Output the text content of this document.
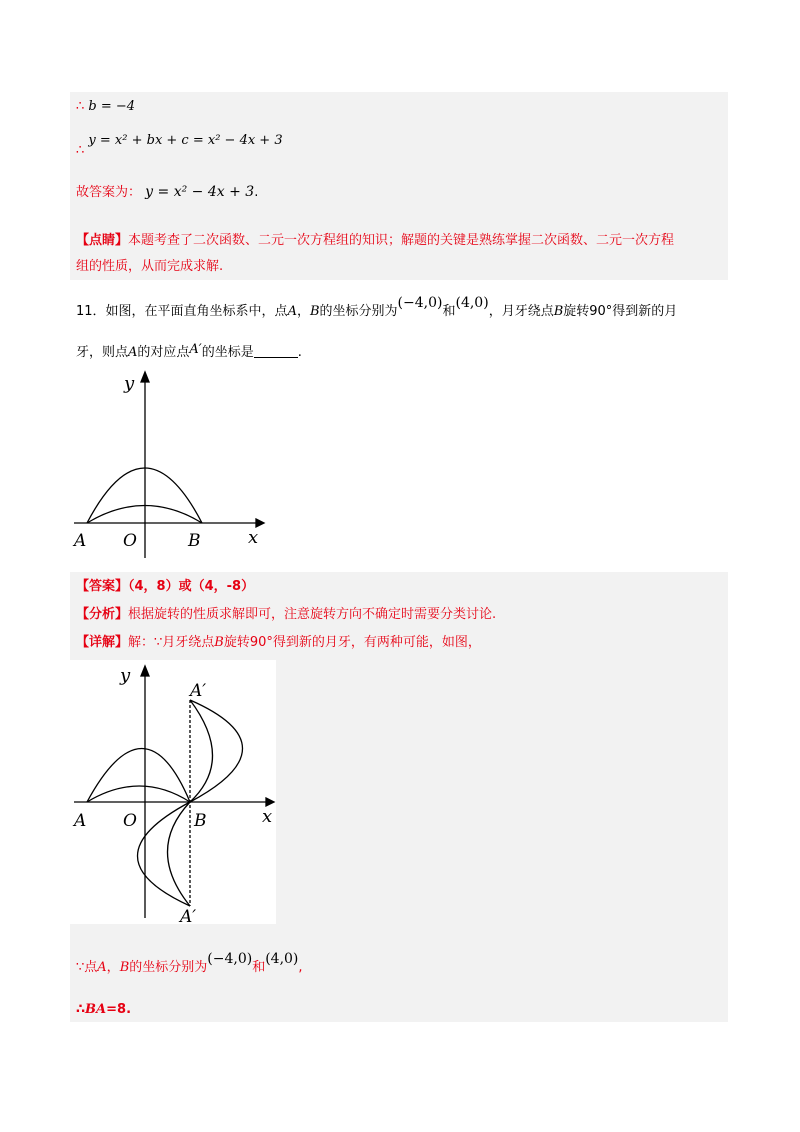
∴ b = −4
∴ y = x² + bx + c = x² − 4x + 3
故答案为： y = x² − 4x + 3.
【点睛】本题考查了二次函数、二元一次方程组的知识；解题的关键是熟练掌握二次函数、二元一次方程
组的性质，从而完成求解.
11．如图，在平面直角坐标系中，点A，B的坐标分别为(−4,0)和(4,0)，月牙绕点B旋转90°得到新的月
牙，则点A的对应点A′的坐标是	.
y
x
A O	B
【答案】（4，8）或（4，-8）
【分析】根据旋转的性质求解即可，注意旋转方向不确定时需要分类讨论.
【详解】解：∵月牙绕点B旋转90°得到新的月牙，有两种可能，如图，
y
x
A O	B
A′
A′
∵点A，B的坐标分别为(−4,0)和(4,0),
∴BA=8.
